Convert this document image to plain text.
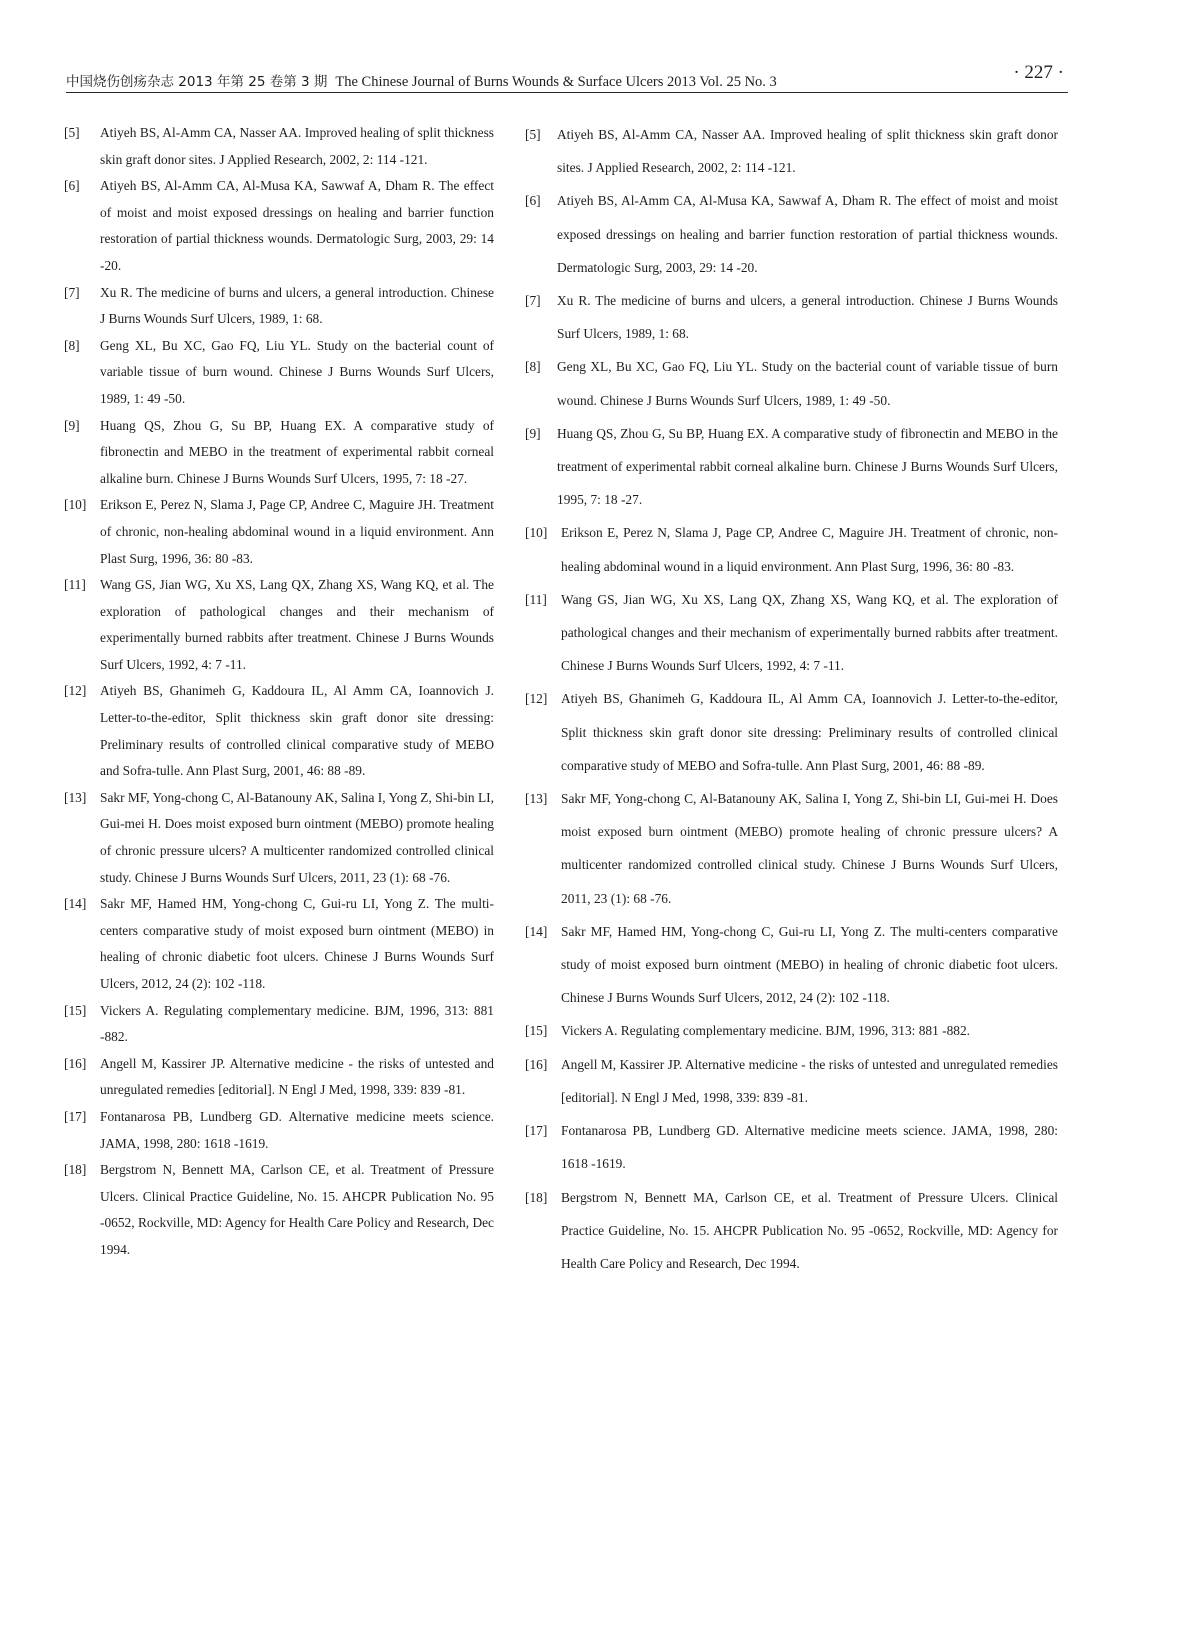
中国烧伤创疡杂志 2013 年第 25 卷第 3 期 The Chinese Journal of Burns Wounds & Surface Ulcers 2013 Vol. 25 No. 3	· 227 ·
[5] Atiyeh BS, Al-Amm CA, Nasser AA. Improved healing of split thickness skin graft donor sites. J Applied Research, 2002, 2: 114 -121.
[6] Atiyeh BS, Al-Amm CA, Al-Musa KA, Sawwaf A, Dham R. The effect of moist and moist exposed dressings on healing and barrier function restoration of partial thickness wounds. Dermatologic Surg, 2003, 29: 14 -20.
[7] Xu R. The medicine of burns and ulcers, a general introduction. Chinese J Burns Wounds Surf Ulcers, 1989, 1: 68.
[8] Geng XL, Bu XC, Gao FQ, Liu YL. Study on the bacterial count of variable tissue of burn wound. Chinese J Burns Wounds Surf Ulcers, 1989, 1: 49 -50.
[9] Huang QS, Zhou G, Su BP, Huang EX. A comparative study of fibronectin and MEBO in the treatment of experimental rabbit corneal alkaline burn. Chinese J Burns Wounds Surf Ulcers, 1995, 7: 18 -27.
[10] Erikson E, Perez N, Slama J, Page CP, Andree C, Maguire JH. Treatment of chronic, non-healing abdominal wound in a liquid environment. Ann Plast Surg, 1996, 36: 80 -83.
[11] Wang GS, Jian WG, Xu XS, Lang QX, Zhang XS, Wang KQ, et al. The exploration of pathological changes and their mechanism of experimentally burned rabbits after treatment. Chinese J Burns Wounds Surf Ulcers, 1992, 4: 7 -11.
[12] Atiyeh BS, Ghanimeh G, Kaddoura IL, Al Amm CA, Ioannovich J. Letter-to-the-editor, Split thickness skin graft donor site dressing: Preliminary results of controlled clinical comparative study of MEBO and Sofra-tulle. Ann Plast Surg, 2001, 46: 88 -89.
[13] Sakr MF, Yong-chong C, Al-Batanouny AK, Salina I, Yong Z, Shi-bin LI, Gui-mei H. Does moist exposed burn ointment (MEBO) promote healing of chronic pressure ulcers? A multicenter randomized controlled clinical study. Chinese J Burns Wounds Surf Ulcers, 2011, 23 (1): 68 -76.
[14] Sakr MF, Hamed HM, Yong-chong C, Gui-ru LI, Yong Z. The multi-centers comparative study of moist exposed burn ointment (MEBO) in healing of chronic diabetic foot ulcers. Chinese J Burns Wounds Surf Ulcers, 2012, 24 (2): 102 -118.
[15] Vickers A. Regulating complementary medicine. BJM, 1996, 313: 881 -882.
[16] Angell M, Kassirer JP. Alternative medicine - the risks of untested and unregulated remedies [editorial]. N Engl J Med, 1998, 339: 839 -81.
[17] Fontanarosa PB, Lundberg GD. Alternative medicine meets science. JAMA, 1998, 280: 1618 -1619.
[18] Bergstrom N, Bennett MA, Carlson CE, et al. Treatment of Pressure Ulcers. Clinical Practice Guideline, No. 15. AHCPR Publication No. 95 -0652, Rockville, MD: Agency for Health Care Policy and Research, Dec 1994.
[5] Atiyeh BS, Al-Amm CA, Nasser AA. Improved healing of split thickness skin graft donor sites. J Applied Research, 2002, 2: 114 -121.
[6] Atiyeh BS, Al-Amm CA, Al-Musa KA, Sawwaf A, Dham R. The effect of moist and moist exposed dressings on healing and barrier function restoration of partial thickness wounds. Dermatologic Surg, 2003, 29: 14 -20.
[7] Xu R. The medicine of burns and ulcers, a general introduction. Chinese J Burns Wounds Surf Ulcers, 1989, 1: 68.
[8] Geng XL, Bu XC, Gao FQ, Liu YL. Study on the bacterial count of variable tissue of burn wound. Chinese J Burns Wounds Surf Ulcers, 1989, 1: 49 -50.
[9] Huang QS, Zhou G, Su BP, Huang EX. A comparative study of fibronectin and MEBO in the treatment of experimental rabbit corneal alkaline burn. Chinese J Burns Wounds Surf Ulcers, 1995, 7: 18 -27.
[10] Erikson E, Perez N, Slama J, Page CP, Andree C, Maguire JH. Treatment of chronic, non-healing abdominal wound in a liquid environment. Ann Plast Surg, 1996, 36: 80 -83.
[11] Wang GS, Jian WG, Xu XS, Lang QX, Zhang XS, Wang KQ, et al. The exploration of pathological changes and their mechanism of experimentally burned rabbits after treatment. Chinese J Burns Wounds Surf Ulcers, 1992, 4: 7 -11.
[12] Atiyeh BS, Ghanimeh G, Kaddoura IL, Al Amm CA, Ioannovich J. Letter-to-the-editor, Split thickness skin graft donor site dressing: Preliminary results of controlled clinical comparative study of MEBO and Sofra-tulle. Ann Plast Surg, 2001, 46: 88 -89.
[13] Sakr MF, Yong-chong C, Al-Batanouny AK, Salina I, Yong Z, Shi-bin LI, Gui-mei H. Does moist exposed burn ointment (MEBO) promote healing of chronic pressure ulcers? A multicenter randomized controlled clinical study. Chinese J Burns Wounds Surf Ulcers, 2011, 23 (1): 68 -76.
[14] Sakr MF, Hamed HM, Yong-chong C, Gui-ru LI, Yong Z. The multi-centers comparative study of moist exposed burn ointment (MEBO) in healing of chronic diabetic foot ulcers. Chinese J Burns Wounds Surf Ulcers, 2012, 24 (2): 102 -118.
[15] Vickers A. Regulating complementary medicine. BJM, 1996, 313: 881 -882.
[16] Angell M, Kassirer JP. Alternative medicine - the risks of untested and unregulated remedies [editorial]. N Engl J Med, 1998, 339: 839 -81.
[17] Fontanarosa PB, Lundberg GD. Alternative medicine meets science. JAMA, 1998, 280: 1618 -1619.
[18] Bergstrom N, Bennett MA, Carlson CE, et al. Treatment of Pressure Ulcers. Clinical Practice Guideline, No. 15. AHCPR Publication No. 95 -0652, Rockville, MD: Agency for Health Care Policy and Research, Dec 1994.
